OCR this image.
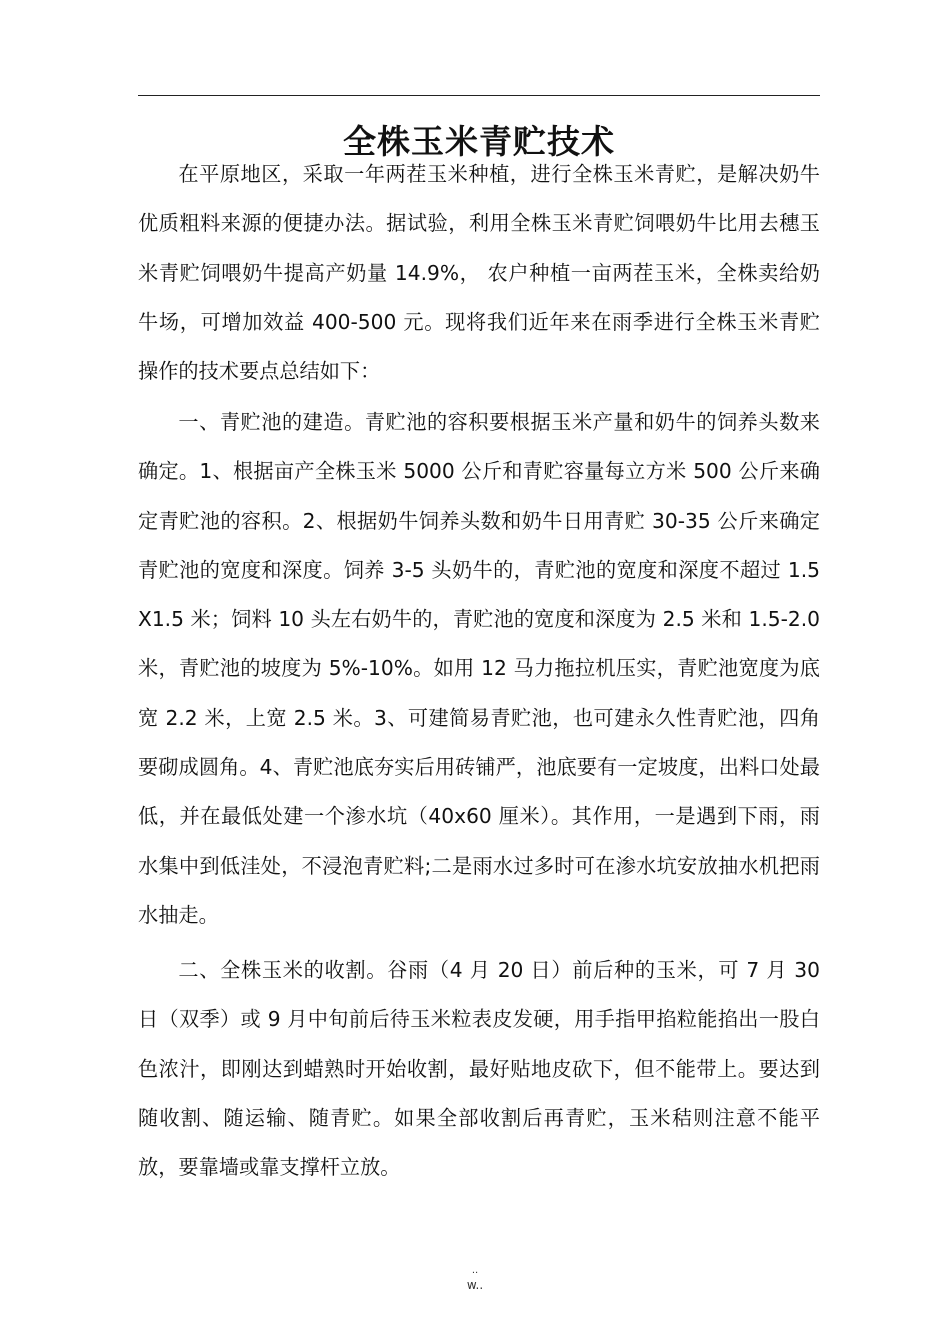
全株玉米青贮技术

在平原地区，采取一年两茬玉米种植，进行全株玉米青贮，是解决奶牛优质粗料来源的便捷办法。据试验，利用全株玉米青贮饲喂奶牛比用去穗玉米青贮饲喂奶牛提高产奶量 14.9%， 农户种植一亩两茬玉米，全株卖给奶牛场，可增加效益 400-500 元。现将我们近年来在雨季进行全株玉米青贮操作的技术要点总结如下：

一、青贮池的建造。青贮池的容积要根据玉米产量和奶牛的饲养头数来确定。1、根据亩产全株玉米 5000 公斤和青贮容量每立方米 500 公斤来确定青贮池的容积。2、根据奶牛饲养头数和奶牛日用青贮 30-35 公斤来确定青贮池的宽度和深度。饲养 3-5 头奶牛的，青贮池的宽度和深度不超过 1.5X1.5 米；饲料 10 头左右奶牛的，青贮池的宽度和深度为 2.5 米和 1.5-2.0 米，青贮池的坡度为 5%-10%。如用 12 马力拖拉机压实，青贮池宽度为底宽 2.2 米，上宽 2.5 米。3、可建简易青贮池，也可建永久性青贮池，四角要砌成圆角。4、青贮池底夯实后用砖铺严，池底要有一定坡度，出料口处最低，并在最低处建一个渗水坑（40x60 厘米）。其作用，一是遇到下雨，雨水集中到低洼处，不浸泡青贮料;二是雨水过多时可在渗水坑安放抽水机把雨水抽走。

二、全株玉米的收割。谷雨（4 月 20 日）前后种的玉米，可 7 月 30 日（双季）或 9 月中旬前后待玉米粒表皮发硬，用手指甲掐粒能掐出一股白色浓汁，即刚达到蜡熟时开始收割，最好贴地皮砍下，但不能带上。要达到随收割、随运输、随青贮。如果全部收割后再青贮，玉米秸则注意不能平放，要靠墙或靠支撑杆立放。

..
w..
